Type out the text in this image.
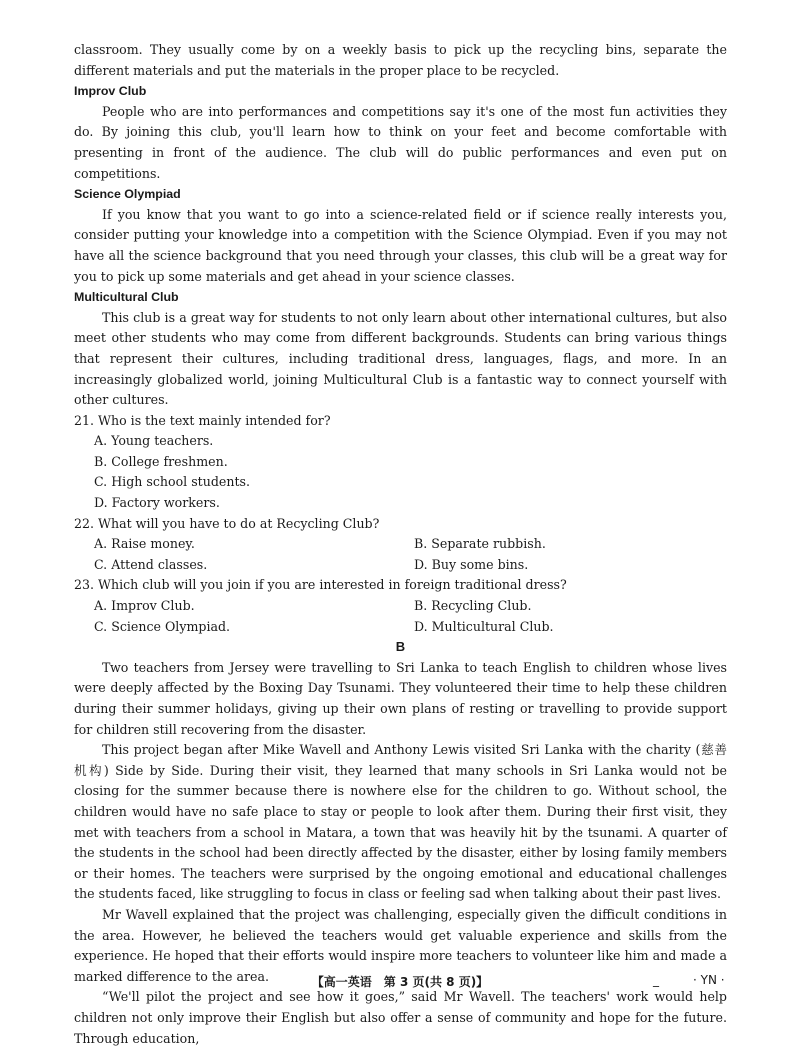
classroom. They usually come by on a weekly basis to pick up the recycling bins, separate the different materials and put the materials in the proper place to be recycled.

Improv Club

People who are into performances and competitions say it's one of the most fun activities they do. By joining this club, you'll learn how to think on your feet and become comfortable with presenting in front of the audience. The club will do public performances and even put on competitions.

Science Olympiad

If you know that you want to go into a science-related field or if science really interests you, consider putting your knowledge into a competition with the Science Olympiad. Even if you may not have all the science background that you need through your classes, this club will be a great way for you to pick up some materials and get ahead in your science classes.

Multicultural Club

This club is a great way for students to not only learn about other international cultures, but also meet other students who may come from different backgrounds. Students can bring various things that represent their cultures, including traditional dress, languages, flags, and more. In an increasingly globalized world, joining Multicultural Club is a fantastic way to connect yourself with other cultures.

21. Who is the text mainly intended for?
A. Young teachers.
B. College freshmen.
C. High school students.
D. Factory workers.
22. What will you have to do at Recycling Club?
A. Raise money.	B. Separate rubbish.
C. Attend classes.	D. Buy some bins.
23. Which club will you join if you are interested in foreign traditional dress?
A. Improv Club.	B. Recycling Club.
C. Science Olympiad.	D. Multicultural Club.
B

Two teachers from Jersey were travelling to Sri Lanka to teach English to children whose lives were deeply affected by the Boxing Day Tsunami. They volunteered their time to help these children during their summer holidays, giving up their own plans of resting or travelling to provide support for children still recovering from the disaster.

This project began after Mike Wavell and Anthony Lewis visited Sri Lanka with the charity (慈善机构) Side by Side. During their visit, they learned that many schools in Sri Lanka would not be closing for the summer because there is nowhere else for the children to go. Without school, the children would have no safe place to stay or people to look after them. During their first visit, they met with teachers from a school in Matara, a town that was heavily hit by the tsunami. A quarter of the students in the school had been directly affected by the disaster, either by losing family members or their homes. The teachers were surprised by the ongoing emotional and educational challenges the students faced, like struggling to focus in class or feeling sad when talking about their past lives.

Mr Wavell explained that the project was challenging, especially given the difficult conditions in the area. However, he believed the teachers would get valuable experience and skills from the experience. He hoped that their efforts would inspire more teachers to volunteer like him and made a marked difference to the area.

“We'll pilot the project and see how it goes,” said Mr Wavell. The teachers' work would help children not only improve their English but also offer a sense of community and hope for the future. Through education,

【高一英语　第 3 页(共 8 页)】	_	· YN ·
